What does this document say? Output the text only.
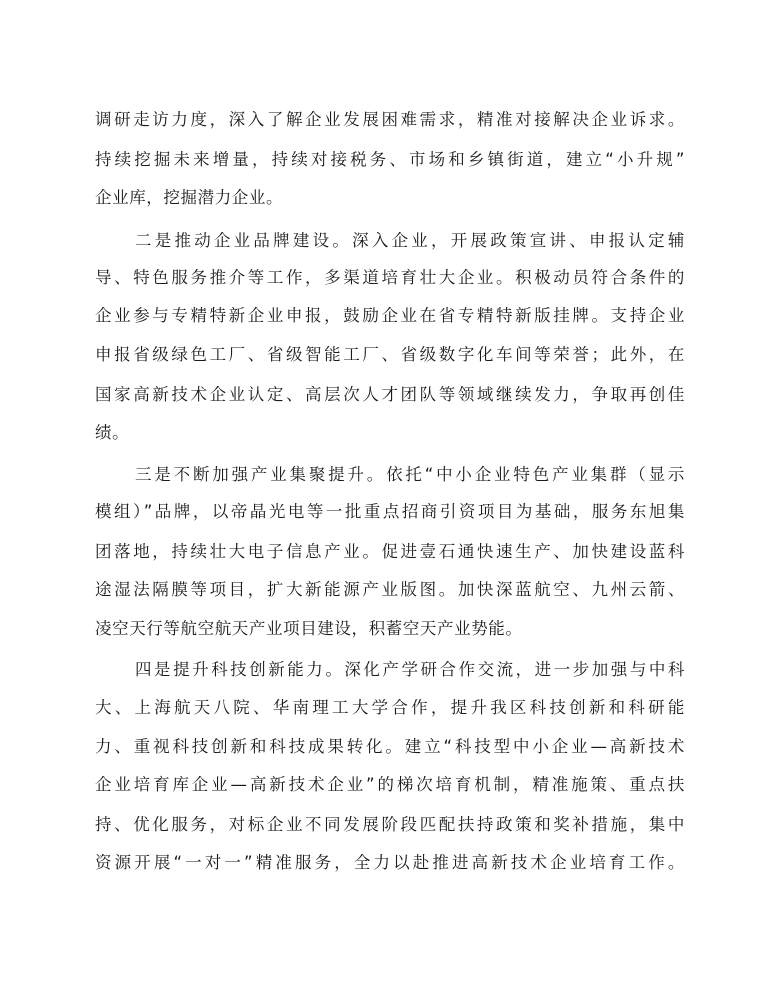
调研走访力度，深入了解企业发展困难需求，精准对接解决企业诉求。
持续挖掘未来增量，持续对接税务、市场和乡镇街道，建立“小升规”
企业库，挖掘潜力企业。
二是推动企业品牌建设。深入企业，开展政策宣讲、申报认定辅
导、特色服务推介等工作，多渠道培育壮大企业。积极动员符合条件的
企业参与专精特新企业申报，鼓励企业在省专精特新版挂牌。支持企业
申报省级绿色工厂、省级智能工厂、省级数字化车间等荣誉；此外，在
国家高新技术企业认定、高层次人才团队等领域继续发力，争取再创佳
绩。
三是不断加强产业集聚提升。依托“中小企业特色产业集群（显示
模组）”品牌，以帝晶光电等一批重点招商引资项目为基础，服务东旭集
团落地，持续壮大电子信息产业。促进壹石通快速生产、加快建设蓝科
途湿法隔膜等项目，扩大新能源产业版图。加快深蓝航空、九州云箭、
凌空天行等航空航天产业项目建设，积蓄空天产业势能。
四是提升科技创新能力。深化产学研合作交流，进一步加强与中科
大、上海航天八院、华南理工大学合作，提升我区科技创新和科研能
力、重视科技创新和科技成果转化。建立“科技型中小企业—高新技术
企业培育库企业—高新技术企业”的梯次培育机制，精准施策、重点扶
持、优化服务，对标企业不同发展阶段匹配扶持政策和奖补措施，集中
资源开展“一对一”精准服务，全力以赴推进高新技术企业培育工作。
